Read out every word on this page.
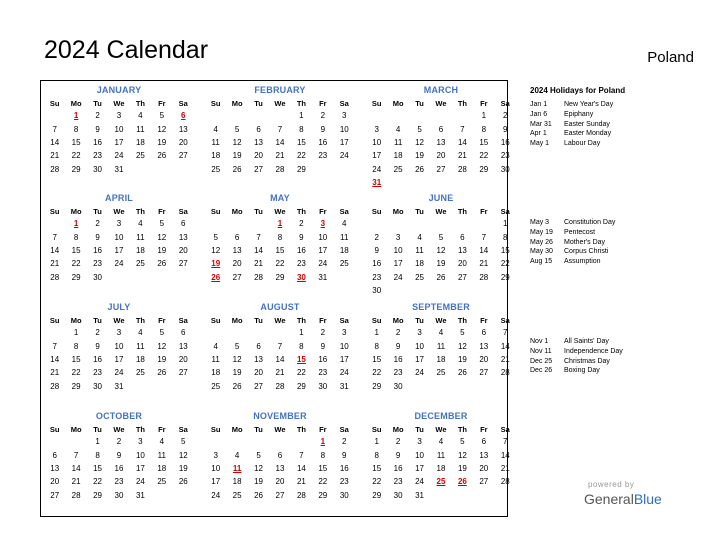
2024 Calendar	Poland
JANUARY
Su	Mo	Tu	We	Th	Fr	Sa
	1	2	3	4	5	6
7	8	9	10	11	12	13
14	15	16	17	18	19	20
21	22	23	24	25	26	27
28	29	30	31			

FEBRUARY
Su	Mo	Tu	We	Th	Fr	Sa
				1	2	3
4	5	6	7	8	9	10
11	12	13	14	15	16	17
18	19	20	21	22	23	24
25	26	27	28	29		

MARCH
Su	Mo	Tu	We	Th	Fr	Sa
					1	2
3	4	5	6	7	8	9
10	11	12	13	14	15	16
17	18	19	20	21	22	23
24	25	26	27	28	29	30
31						
APRIL
Su	Mo	Tu	We	Th	Fr	Sa
	1	2	3	4	5	6
7	8	9	10	11	12	13
14	15	16	17	18	19	20
21	22	23	24	25	26	27
28	29	30				

MAY
Su	Mo	Tu	We	Th	Fr	Sa
			1	2	3	4
5	6	7	8	9	10	11
12	13	14	15	16	17	18
19	20	21	22	23	24	25
26	27	28	29	30	31	

JUNE
Su	Mo	Tu	We	Th	Fr	Sa
						1
2	3	4	5	6	7	8
9	10	11	12	13	14	15
16	17	18	19	20	21	22
23	24	25	26	27	28	29
30						
JULY
Su	Mo	Tu	We	Th	Fr	Sa
	1	2	3	4	5	6
7	8	9	10	11	12	13
14	15	16	17	18	19	20
21	22	23	24	25	26	27
28	29	30	31			

AUGUST
Su	Mo	Tu	We	Th	Fr	Sa
				1	2	3
4	5	6	7	8	9	10
11	12	13	14	15	16	17
18	19	20	21	22	23	24
25	26	27	28	29	30	31

SEPTEMBER
Su	Mo	Tu	We	Th	Fr	Sa
1	2	3	4	5	6	7
8	9	10	11	12	13	14
15	16	17	18	19	20	21
22	23	24	25	26	27	28
29	30					

OCTOBER
Su	Mo	Tu	We	Th	Fr	Sa
		1	2	3	4	5
6	7	8	9	10	11	12
13	14	15	16	17	18	19
20	21	22	23	24	25	26
27	28	29	30	31		

NOVEMBER
Su	Mo	Tu	We	Th	Fr	Sa
					1	2
3	4	5	6	7	8	9
10	11	12	13	14	15	16
17	18	19	20	21	22	23
24	25	26	27	28	29	30

DECEMBER
Su	Mo	Tu	We	Th	Fr	Sa
1	2	3	4	5	6	7
8	9	10	11	12	13	14
15	16	17	18	19	20	21
22	23	24	25	26	27	28
29	30	31				

2024 Holidays for Poland
Jan 1 New Year's Day
Jan 6 Epiphany
Mar 31 Easter Sunday
Apr 1 Easter Monday
May 1 Labour Day
May 3 Constitution Day
May 19 Pentecost
May 26 Mother's Day
May 30 Corpus Christi
Aug 15 Assumption
Nov 1 All Saints' Day
Nov 11 Independence Day
Dec 25 Christmas Day
Dec 26 Boxing Day
powered by
GeneralBlue
